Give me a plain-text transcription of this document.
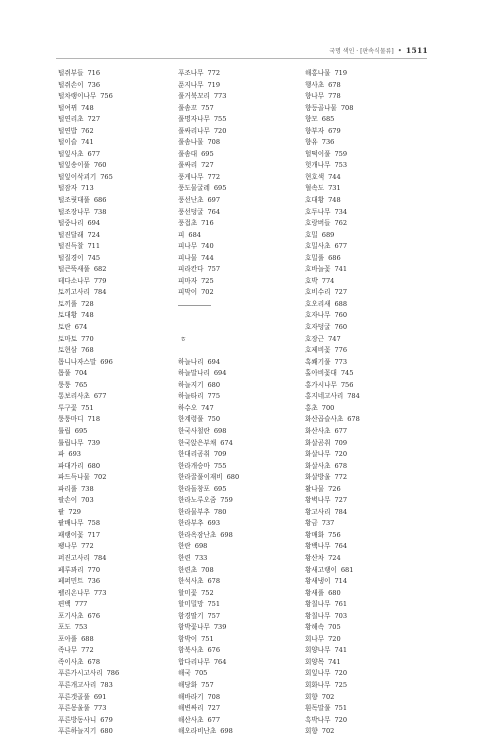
국명 색인 · [판속식물류] • 1511
털쥐부들 716
털쥐손이 736
털차랭이나무 756
털여뀌 748
털연리초 727
털연밥 762
털이슬 741
털잎사초 677
털잎송이풀 760
털잎이삭괴기 765
털잠자 713
털조릿대풀 686
털조장나무 738
털중나리 694
털진달래 724
털진득찰 711
털질경이 745
털큰뚝새풀 682
테다소나무 779
토끼고사리 784
토끼풀 728
토대황 748
토란 674
토마토 770
토현삼 768
톱니나자스말 696
톱풀 704
퉁퉁 765
통보리사초 677
투구꽃 751
퉁퉁마디 718
튤립 695
튤립나무 739
파 693
파대가리 680
파드득나물 702
파리풀 738
팔손이 703
팥 729
팥배나무 758
패랭이꽃 717
팽나무 772
퍼진고사리 784
페루꽈리 770
페퍼민트 736
펠리온나무 773
편백 777
포기사초 676
포도 753
포아풀 688
족나무 772
족이사초 678
푸른가시고사리 786
푸른개고사리 783
푸른갯골풀 691
푸른몽울풀 773
푸른방동사니 679
푸른하늘지기 680
푸조나무 772
푼지나무 719
풀거북꼬리 773
풀솜꼬 757
풀명자나무 755
풀싸리나무 720
풀솜나물 708
풀솜대 695
풀싸리 727
풍게나무 772
풍도물굴레 695
풍선난초 697
풍선덩굴 764
풍접초 716
피 684
피나무 740
피나물 744
피라칸다 757
피마자 725
피막이 702
ㅎ
하늘나리 694
하늘말나리 694
하늘지기 680
하늘타리 775
하수오 747
한계령풀 750
한국사철란 698
한국앉은부채 674
한대리곰취 709
한라개승마 755
한라꿀풀이재비 680
한라돌창포 695
한라노루오줌 759
한라물부추 780
한라부추 693
한라옥잠난초 698
한란 698
한련 733
한련초 708
한석사초 678
할미꽃 752
할미밀망 751
함경딸기 757
함박꽃나무 739
함박이 751
함북사초 676
합다리나무 764
해국 705
해당화 757
해바라기 708
해변싸리 727
해산사초 677
해오라비난초 698
해홍나물 719
행사초 678
향나무 778
향등골나물 708
향모 685
향부자 679
향유 736
헐떡이풀 759
헛개나무 753
현호색 744
혈속도 731
호대황 748
호두나무 734
호랑버들 762
호밀 689
호밀사초 677
호밀풀 686
호바늘꽃 741
호박 774
호비수리 727
호오리새 688
호자나무 760
호자덩굴 760
호장근 747
호제비꽃 776
혹쐐기풀 773
홀아비꽃대 745
홍가시나무 756
홍지네고사리 784
홍초 700
화산곱슬사초 678
화산사초 677
화살곰취 709
화살나무 720
화살사초 678
화살방울 772
활나물 726
황벽나무 727
황고사리 784
황금 737
황매화 756
황백나무 764
황산차 724
황새고랭이 681
황새냉이 714
황새풀 680
황칠나무 761
황칠나무 703
황해속 705
회나무 720
회양나무 741
회양목 741
회잎나무 720
회화나무 725
회향 702
흰독말풀 751
흑박나무 720
회향 702
